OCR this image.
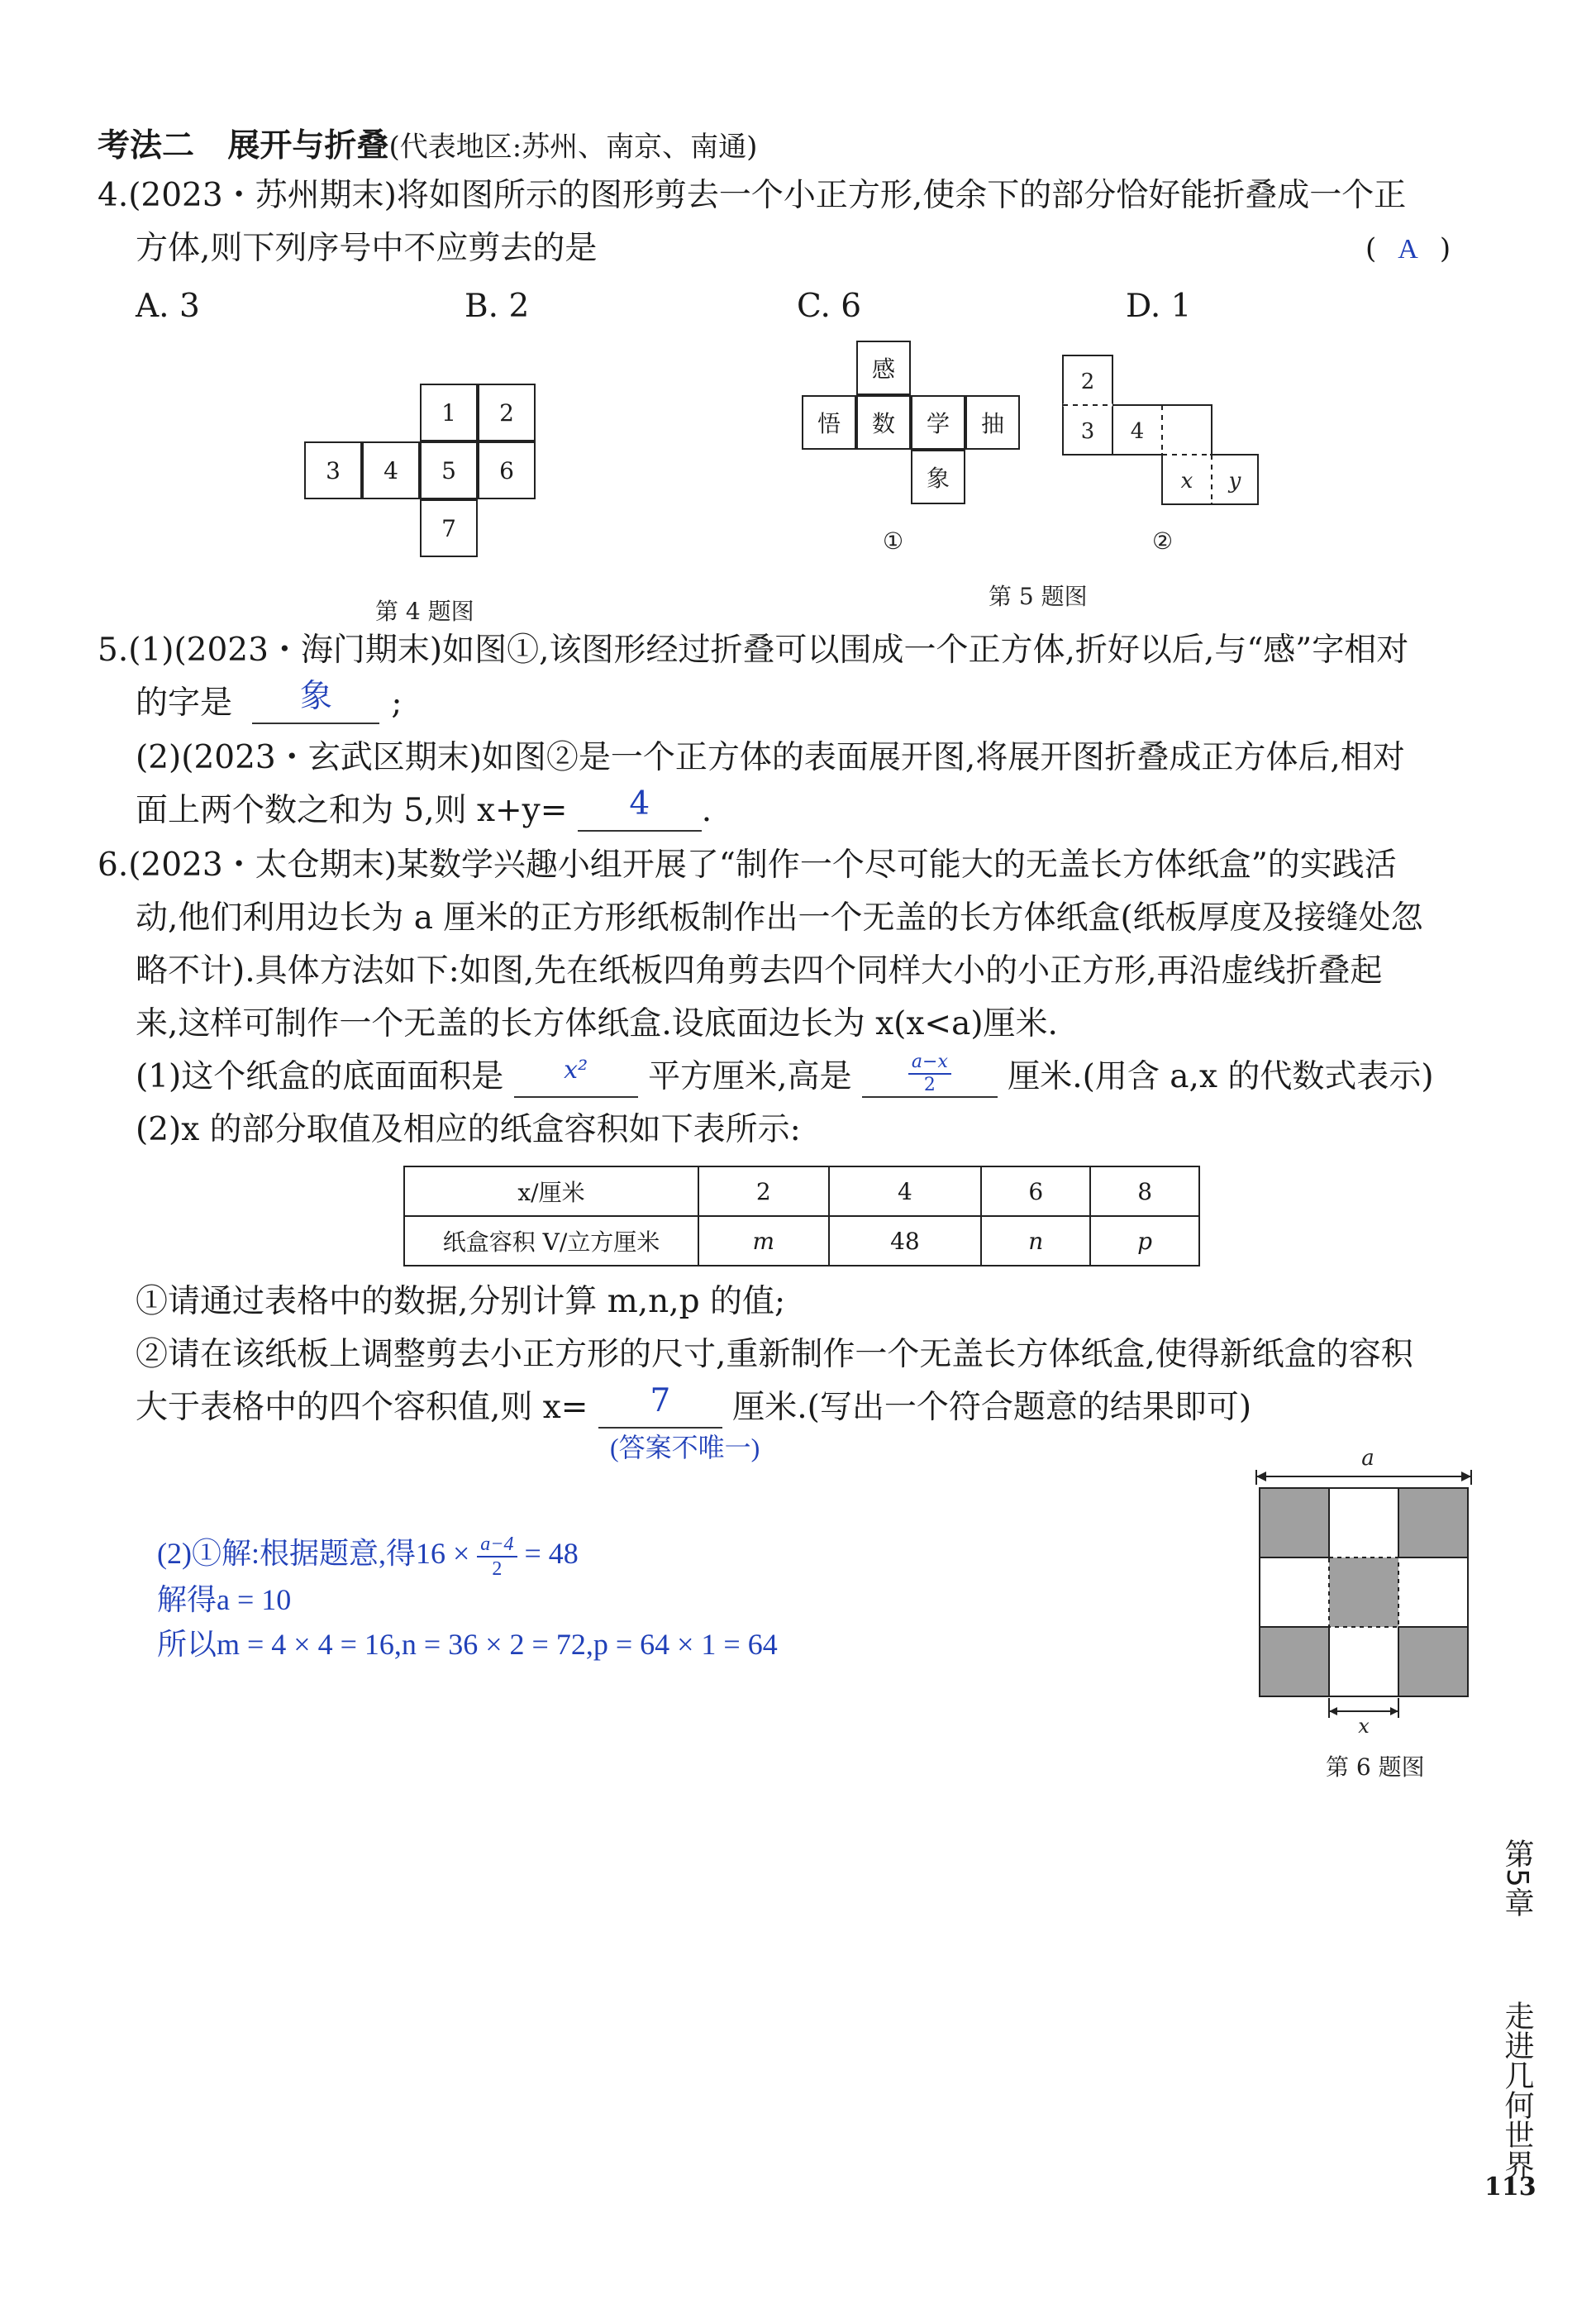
考法二 展开与折叠(代表地区:苏州、南京、南通)
4.(2023・苏州期末)将如图所示的图形剪去一个小正方形,使余下的部分恰好能折叠成一个正
方体,则下列序号中不应剪去的是	( A )
A. 3	B. 2	C. 6	D. 1
1	2
3	4	5	6
7
第 4 题图
感
悟	数	学	抽
象
①
2
3 4
x y
②
第 5 题图
5.(1)(2023・海门期末)如图①,该图形经过折叠可以围成一个正方体,折好以后,与“感”字相对
的字是	象	;
(2)(2023・玄武区期末)如图②是一个正方体的表面展开图,将展开图折叠成正方体后,相对
面上两个数之和为 5,则 x+y=	4	.
6.(2023・太仓期末)某数学兴趣小组开展了“制作一个尽可能大的无盖长方体纸盒”的实践活
动,他们利用边长为 a 厘米的正方形纸板制作出一个无盖的长方体纸盒(纸板厚度及接缝处忽
略不计).具体方法如下:如图,先在纸板四角剪去四个同样大小的小正方形,再沿虚线折叠起
来,这样可制作一个无盖的长方体纸盒.设底面边长为 x(x<a)厘米.
(1)这个纸盒的底面面积是	x²	平方厘米,高是	$\frac{a-x}{2}$ 厘米.(用含 a,x 的代数式表示)
(2)x 的部分取值及相应的纸盒容积如下表所示:
x/厘米	2	4	6	8
纸盒容积 V/立方厘米	m	48	n	p
①请通过表格中的数据,分别计算 m,n,p 的值;
②请在该纸板上调整剪去小正方形的尺寸,重新制作一个无盖长方体纸盒,使得新纸盒的容积
大于表格中的四个容积值,则 x=	7	厘米.(写出一个符合题意的结果即可)
(答案不唯一)	a
x
第 6 题图
(2)①解:根据题意,得$16 \times \frac{a-4}{2} = 48$
解得a = 10
所以m = 4 × 4 = 16,n = 36 × 2 = 72,p = 64 × 1 = 64
第5章
走进几何世界
113
